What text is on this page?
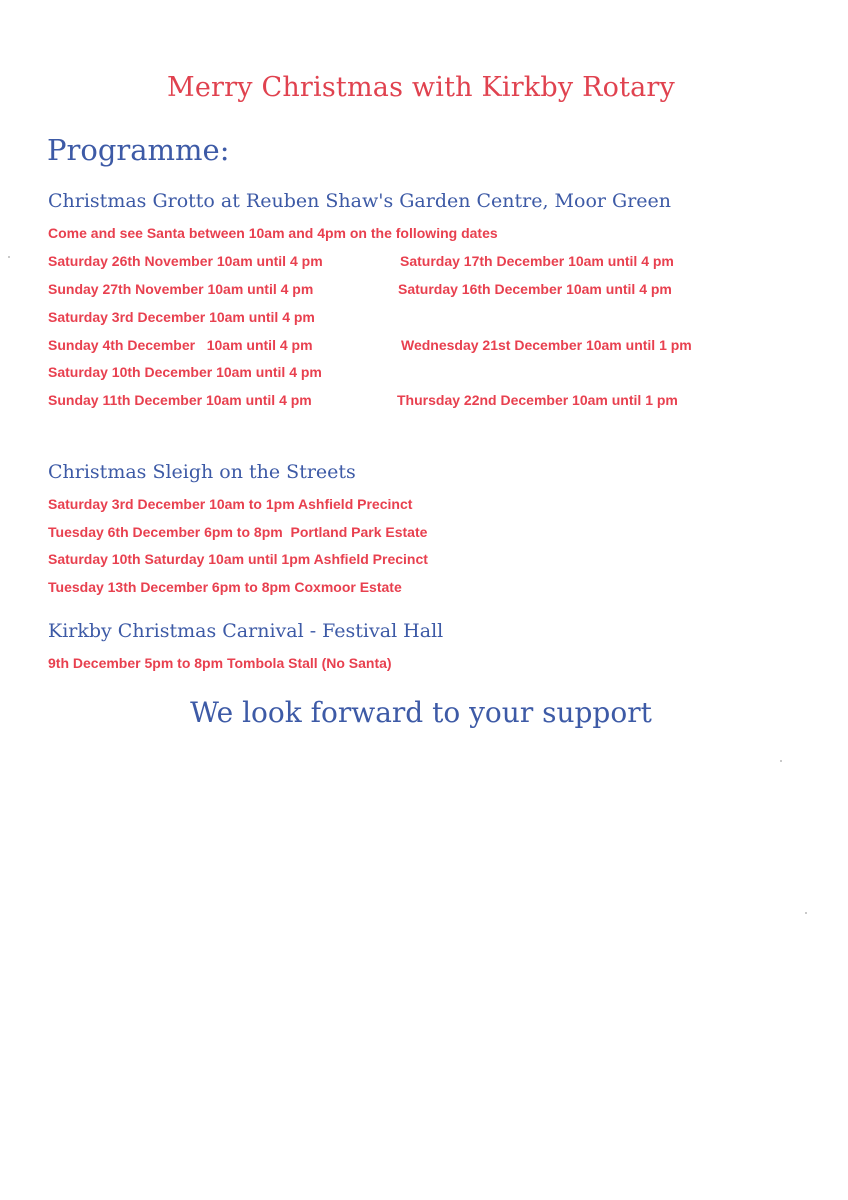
Merry Christmas with Kirkby Rotary
Programme:
Christmas Grotto at Reuben Shaw's Garden Centre, Moor Green
Come and see Santa between 10am and 4pm on the following dates
Saturday 26th November 10am until 4 pm
Sunday 27th November 10am until 4 pm
Saturday 3rd December 10am until 4 pm
Sunday 4th December   10am until 4 pm
Saturday 10th December 10am until 4 pm
Sunday 11th December 10am until 4 pm
Saturday 17th December 10am until 4 pm
Saturday 16th December 10am until 4 pm
Wednesday 21st December 10am until 1 pm
Thursday 22nd December 10am until 1 pm
Christmas Sleigh on the Streets
Saturday 3rd December 10am to 1pm Ashfield Precinct
Tuesday 6th December 6pm to 8pm  Portland Park Estate
Saturday 10th Saturday 10am until 1pm Ashfield Precinct
Tuesday 13th December 6pm to 8pm Coxmoor Estate
Kirkby Christmas Carnival - Festival Hall
9th December 5pm to 8pm Tombola Stall (No Santa)
We look forward to your support
